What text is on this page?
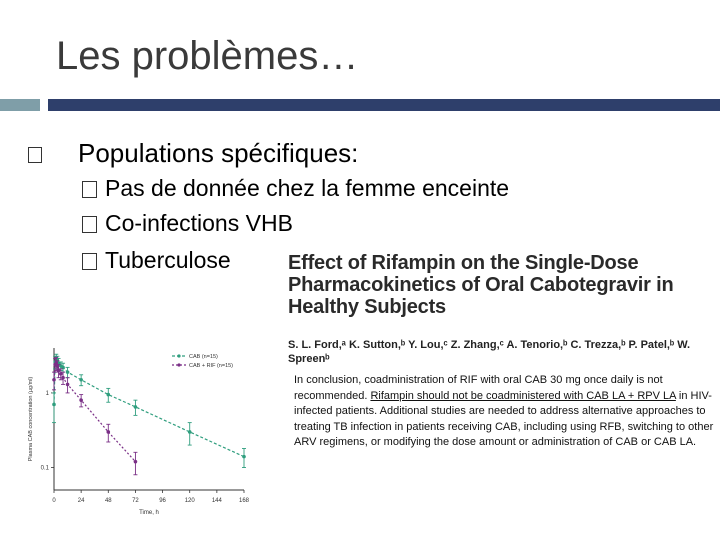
Les problèmes…
Populations spécifiques:
Pas de donnée chez la femme enceinte
Co-infections VHB
Tuberculose	Effect of Rifampin on the Single-Dose Pharmacokinetics of Oral Cabotegravir in Healthy Subjects
S. L. Ford,ᵃ K. Sutton,ᵇ Y. Lou,ᶜ Z. Zhang,ᶜ A. Tenorio,ᵇ C. Trezza,ᵇ P. Patel,ᵇ W. Spreenᵇ
In conclusion, coadministration of RIF with oral CAB 30 mg once daily is not recommended. Rifampin should not be coadministered with CAB LA + RPV LA in HIV-infected patients. Additional studies are needed to address alternative approaches to treating TB infection in patients receiving CAB, including using RFB, switching to other ARV regimens, or modifying the dose amount or administration of CAB or CAB LA.
0	24	48	72	96	120	144	168
1
0.1
Time, h
Plasma CAB concentration (µg/ml)
CAB (n=15)
CAB + RIF (n=15)
